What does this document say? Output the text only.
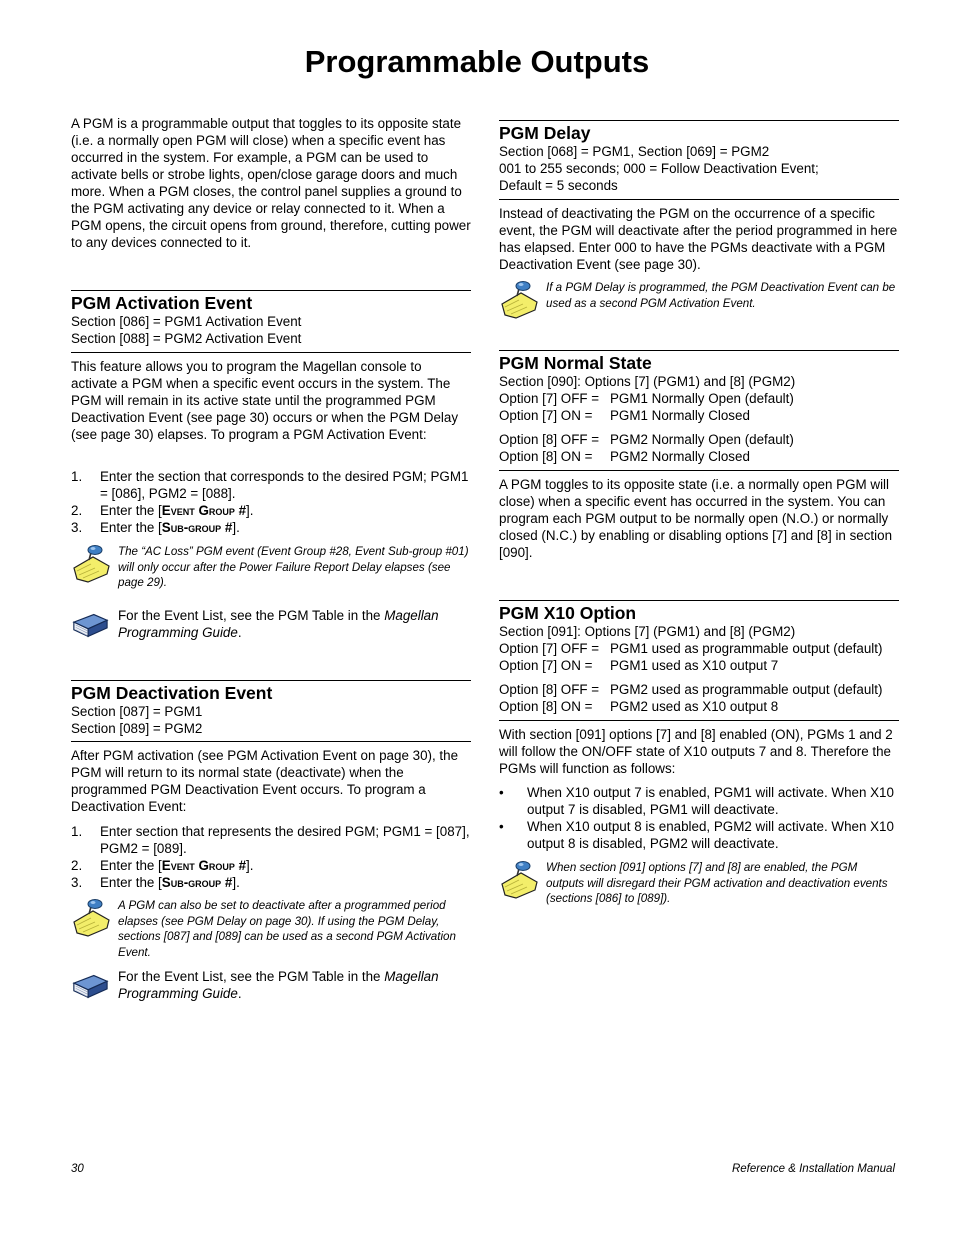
Programmable Outputs

A PGM is a programmable output that toggles to its opposite state (i.e. a normally open PGM will close) when a specific event has occurred in the system. For example, a PGM can be used to activate bells or strobe lights, open/close garage doors and much more. When a PGM closes, the control panel supplies a ground to the PGM activating any device or relay connected to it. When a PGM opens, the circuit opens from ground, therefore, cutting power to any devices connected to it.

PGM Activation Event
Section [086] = PGM1 Activation Event
Section [088] = PGM2 Activation Event

This feature allows you to program the Magellan console to activate a PGM when a specific event occurs in the system. The PGM will remain in its active state until the programmed PGM Deactivation Event (see page 30) occurs or when the PGM Delay (see page 30) elapses. To program a PGM Activation Event:

1. Enter the section that corresponds to the desired PGM; PGM1 = [086], PGM2 = [088].
2. Enter the [Event Group #].
3. Enter the [Sub-group #].
The “AC Loss” PGM event (Event Group #28, Event Sub-group #01) will only occur after the Power Failure Report Delay elapses (see page 29).
For the Event List, see the PGM Table in the Magellan Programming Guide.
PGM Deactivation Event
Section [087] = PGM1
Section [089] = PGM2

After PGM activation (see PGM Activation Event on page 30), the PGM will return to its normal state (deactivate) when the programmed PGM Deactivation Event occurs. To program a Deactivation Event:

1. Enter section that represents the desired PGM; PGM1 = [087], PGM2 = [089].
2. Enter the [Event Group #].
3. Enter the [Sub-group #].
A PGM can also be set to deactivate after a programmed period elapses (see PGM Delay on page 30). If using the PGM Delay, sections [087] and [089] can be used as a second PGM Activation Event.
For the Event List, see the PGM Table in the Magellan Programming Guide.
PGM Delay
Section [068] = PGM1, Section [069] = PGM2
001 to 255 seconds; 000 = Follow Deactivation Event;
Default = 5 seconds

Instead of deactivating the PGM on the occurrence of a specific event, the PGM will deactivate after the period programmed in here has elapsed. Enter 000 to have the PGMs deactivate with a PGM Deactivation Event (see page 30).

If a PGM Delay is programmed, the PGM Deactivation Event can be used as a second PGM Activation Event.
PGM Normal State
Section [090]: Options [7] (PGM1) and [8] (PGM2)
Option [7] OFF = PGM1 Normally Open (default)
Option [7] ON = PGM1 Normally Closed
Option [8] OFF = PGM2 Normally Open (default)
Option [8] ON = PGM2 Normally Closed

A PGM toggles to its opposite state (i.e. a normally open PGM will close) when a specific event has occurred in the system. You can program each PGM output to be normally open (N.O.) or normally closed (N.C.) by enabling or disabling options [7] and [8] in section [090].

PGM X10 Option
Section [091]: Options [7] (PGM1) and [8] (PGM2)
Option [7] OFF = PGM1 used as programmable output (default)
Option [7] ON = PGM1 used as X10 output 7
Option [8] OFF = PGM2 used as programmable output (default)
Option [8] ON = PGM2 used as X10 output 8

With section [091] options [7] and [8] enabled (ON), PGMs 1 and 2 will follow the ON/OFF state of X10 outputs 7 and 8. Therefore the PGMs will function as follows:

• When X10 output 7 is enabled, PGM1 will activate. When X10 output 7 is disabled, PGM1 will deactivate.
• When X10 output 8 is enabled, PGM2 will activate. When X10 output 8 is disabled, PGM2 will deactivate.
When section [091] options [7] and [8] are enabled, the PGM outputs will disregard their PGM activation and deactivation events (sections [086] to [089]).
30	Reference & Installation Manual
